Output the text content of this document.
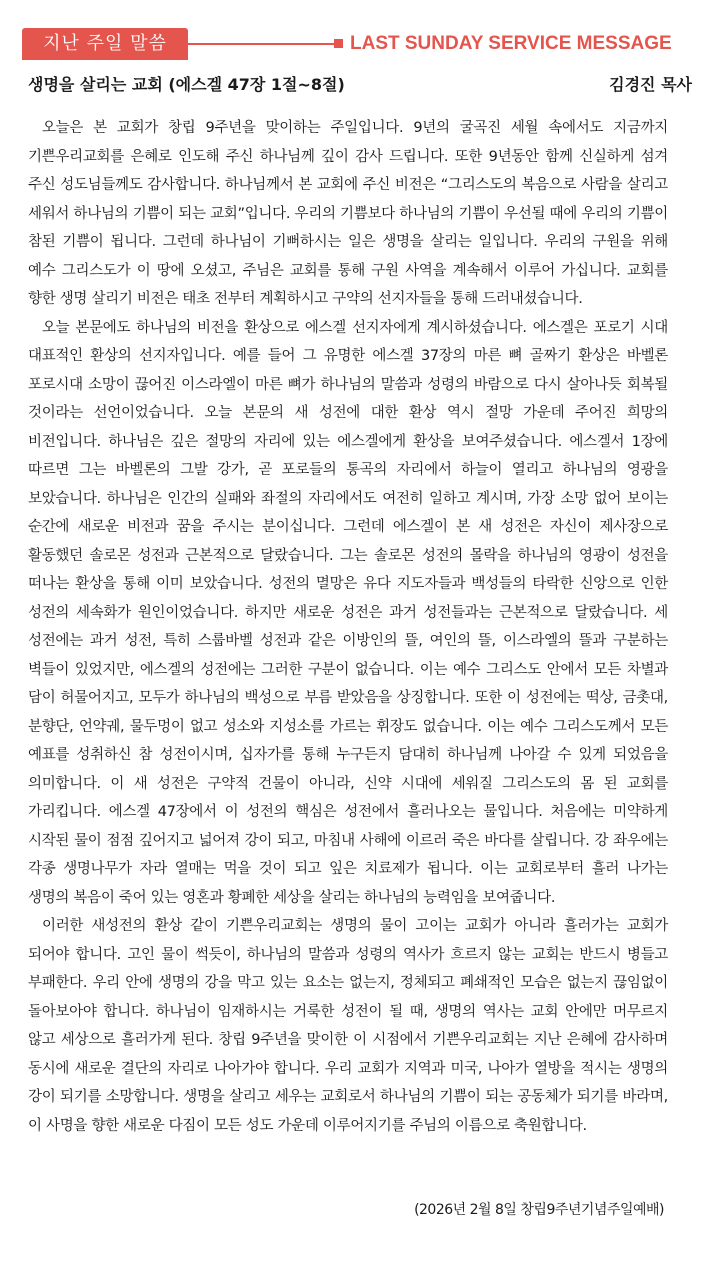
지난 주일 말씀	LAST SUNDAY SERVICE MESSAGE
생명을 살리는 교회 (에스겔 47장 1절~8절)	김경진 목사

오늘은 본 교회가 창립 9주년을 맞이하는 주일입니다. 9년의 굴곡진 세월 속에서도 지금까지 기쁜우리교회를 은혜로 인도해 주신 하나님께 깊이 감사 드립니다. 또한 9년동안 함께 신실하게 섬겨 주신 성도님들께도 감사합니다. 하나님께서 본 교회에 주신 비전은 “그리스도의 복음으로 사람을 살리고 세워서 하나님의 기쁨이 되는 교회”입니다. 우리의 기쁨보다 하나님의 기쁨이 우선될 때에 우리의 기쁨이 참된 기쁨이 됩니다. 그런데 하나님이 기뻐하시는 일은 생명을 살리는 일입니다. 우리의 구원을 위해 예수 그리스도가 이 땅에 오셨고, 주님은 교회를 통해 구원 사역을 계속해서 이루어 가십니다. 교회를 향한 생명 살리기 비전은 태초 전부터 계획하시고 구약의 선지자들을 통해 드러내셨습니다.

오늘 본문에도 하나님의 비전을 환상으로 에스겔 선지자에게 계시하셨습니다. 에스겔은 포로기 시대 대표적인 환상의 선지자입니다. 예를 들어 그 유명한 에스겔 37장의 마른 뼈 골짜기 환상은 바벨론 포로시대 소망이 끊어진 이스라엘이 마른 뼈가 하나님의 말씀과 성령의 바람으로 다시 살아나듯 회복될 것이라는 선언이었습니다. 오늘 본문의 새 성전에 대한 환상 역시 절망 가운데 주어진 희망의 비전입니다. 하나님은 깊은 절망의 자리에 있는 에스겔에게 환상을 보여주셨습니다. 에스겔서 1장에 따르면 그는 바벨론의 그발 강가, 곧 포로들의 통곡의 자리에서 하늘이 열리고 하나님의 영광을 보았습니다. 하나님은 인간의 실패와 좌절의 자리에서도 여전히 일하고 계시며, 가장 소망 없어 보이는 순간에 새로운 비전과 꿈을 주시는 분이십니다. 그런데 에스겔이 본 새 성전은 자신이 제사장으로 활동했던 솔로몬 성전과 근본적으로 달랐습니다. 그는 솔로몬 성전의 몰락을 하나님의 영광이 성전을 떠나는 환상을 통해 이미 보았습니다. 성전의 멸망은 유다 지도자들과 백성들의 타락한 신앙으로 인한 성전의 세속화가 원인이었습니다. 하지만 새로운 성전은 과거 성전들과는 근본적으로 달랐습니다. 세 성전에는 과거 성전, 특히 스룹바벨 성전과 같은 이방인의 뜰, 여인의 뜰, 이스라엘의 뜰과 구분하는 벽들이 있었지만, 에스겔의 성전에는 그러한 구분이 없습니다. 이는 예수 그리스도 안에서 모든 차별과 담이 허물어지고, 모두가 하나님의 백성으로 부름 받았음을 상징합니다. 또한 이 성전에는 떡상, 금촛대, 분향단, 언약궤, 물두멍이 없고 성소와 지성소를 가르는 휘장도 없습니다. 이는 예수 그리스도께서 모든 예표를 성취하신 참 성전이시며, 십자가를 통해 누구든지 담대히 하나님께 나아갈 수 있게 되었음을 의미합니다. 이 새 성전은 구약적 건물이 아니라, 신약 시대에 세워질 그리스도의 몸 된 교회를 가리킵니다. 에스겔 47장에서 이 성전의 핵심은 성전에서 흘러나오는 물입니다. 처음에는 미약하게 시작된 물이 점점 깊어지고 넓어져 강이 되고, 마침내 사해에 이르러 죽은 바다를 살립니다. 강 좌우에는 각종 생명나무가 자라 열매는 먹을 것이 되고 잎은 치료제가 됩니다. 이는 교회로부터 흘러 나가는 생명의 복음이 죽어 있는 영혼과 황폐한 세상을 살리는 하나님의 능력임을 보여줍니다.

이러한 새성전의 환상 같이 기쁜우리교회는 생명의 물이 고이는 교회가 아니라 흘러가는 교회가 되어야 합니다. 고인 물이 썩듯이, 하나님의 말씀과 성령의 역사가 흐르지 않는 교회는 반드시 병들고 부패한다. 우리 안에 생명의 강을 막고 있는 요소는 없는지, 정체되고 폐쇄적인 모습은 없는지 끊임없이 돌아보아야 합니다. 하나님이 임재하시는 거룩한 성전이 될 때, 생명의 역사는 교회 안에만 머무르지 않고 세상으로 흘러가게 된다. 창립 9주년을 맞이한 이 시점에서 기쁜우리교회는 지난 은혜에 감사하며 동시에 새로운 결단의 자리로 나아가야 합니다. 우리 교회가 지역과 미국, 나아가 열방을 적시는 생명의 강이 되기를 소망합니다. 생명을 살리고 세우는 교회로서 하나님의 기쁨이 되는 공동체가 되기를 바라며, 이 사명을 향한 새로운 다짐이 모든 성도 가운데 이루어지기를 주님의 이름으로 축원합니다.

(2026년 2월 8일 창립9주년기념주일예배)
